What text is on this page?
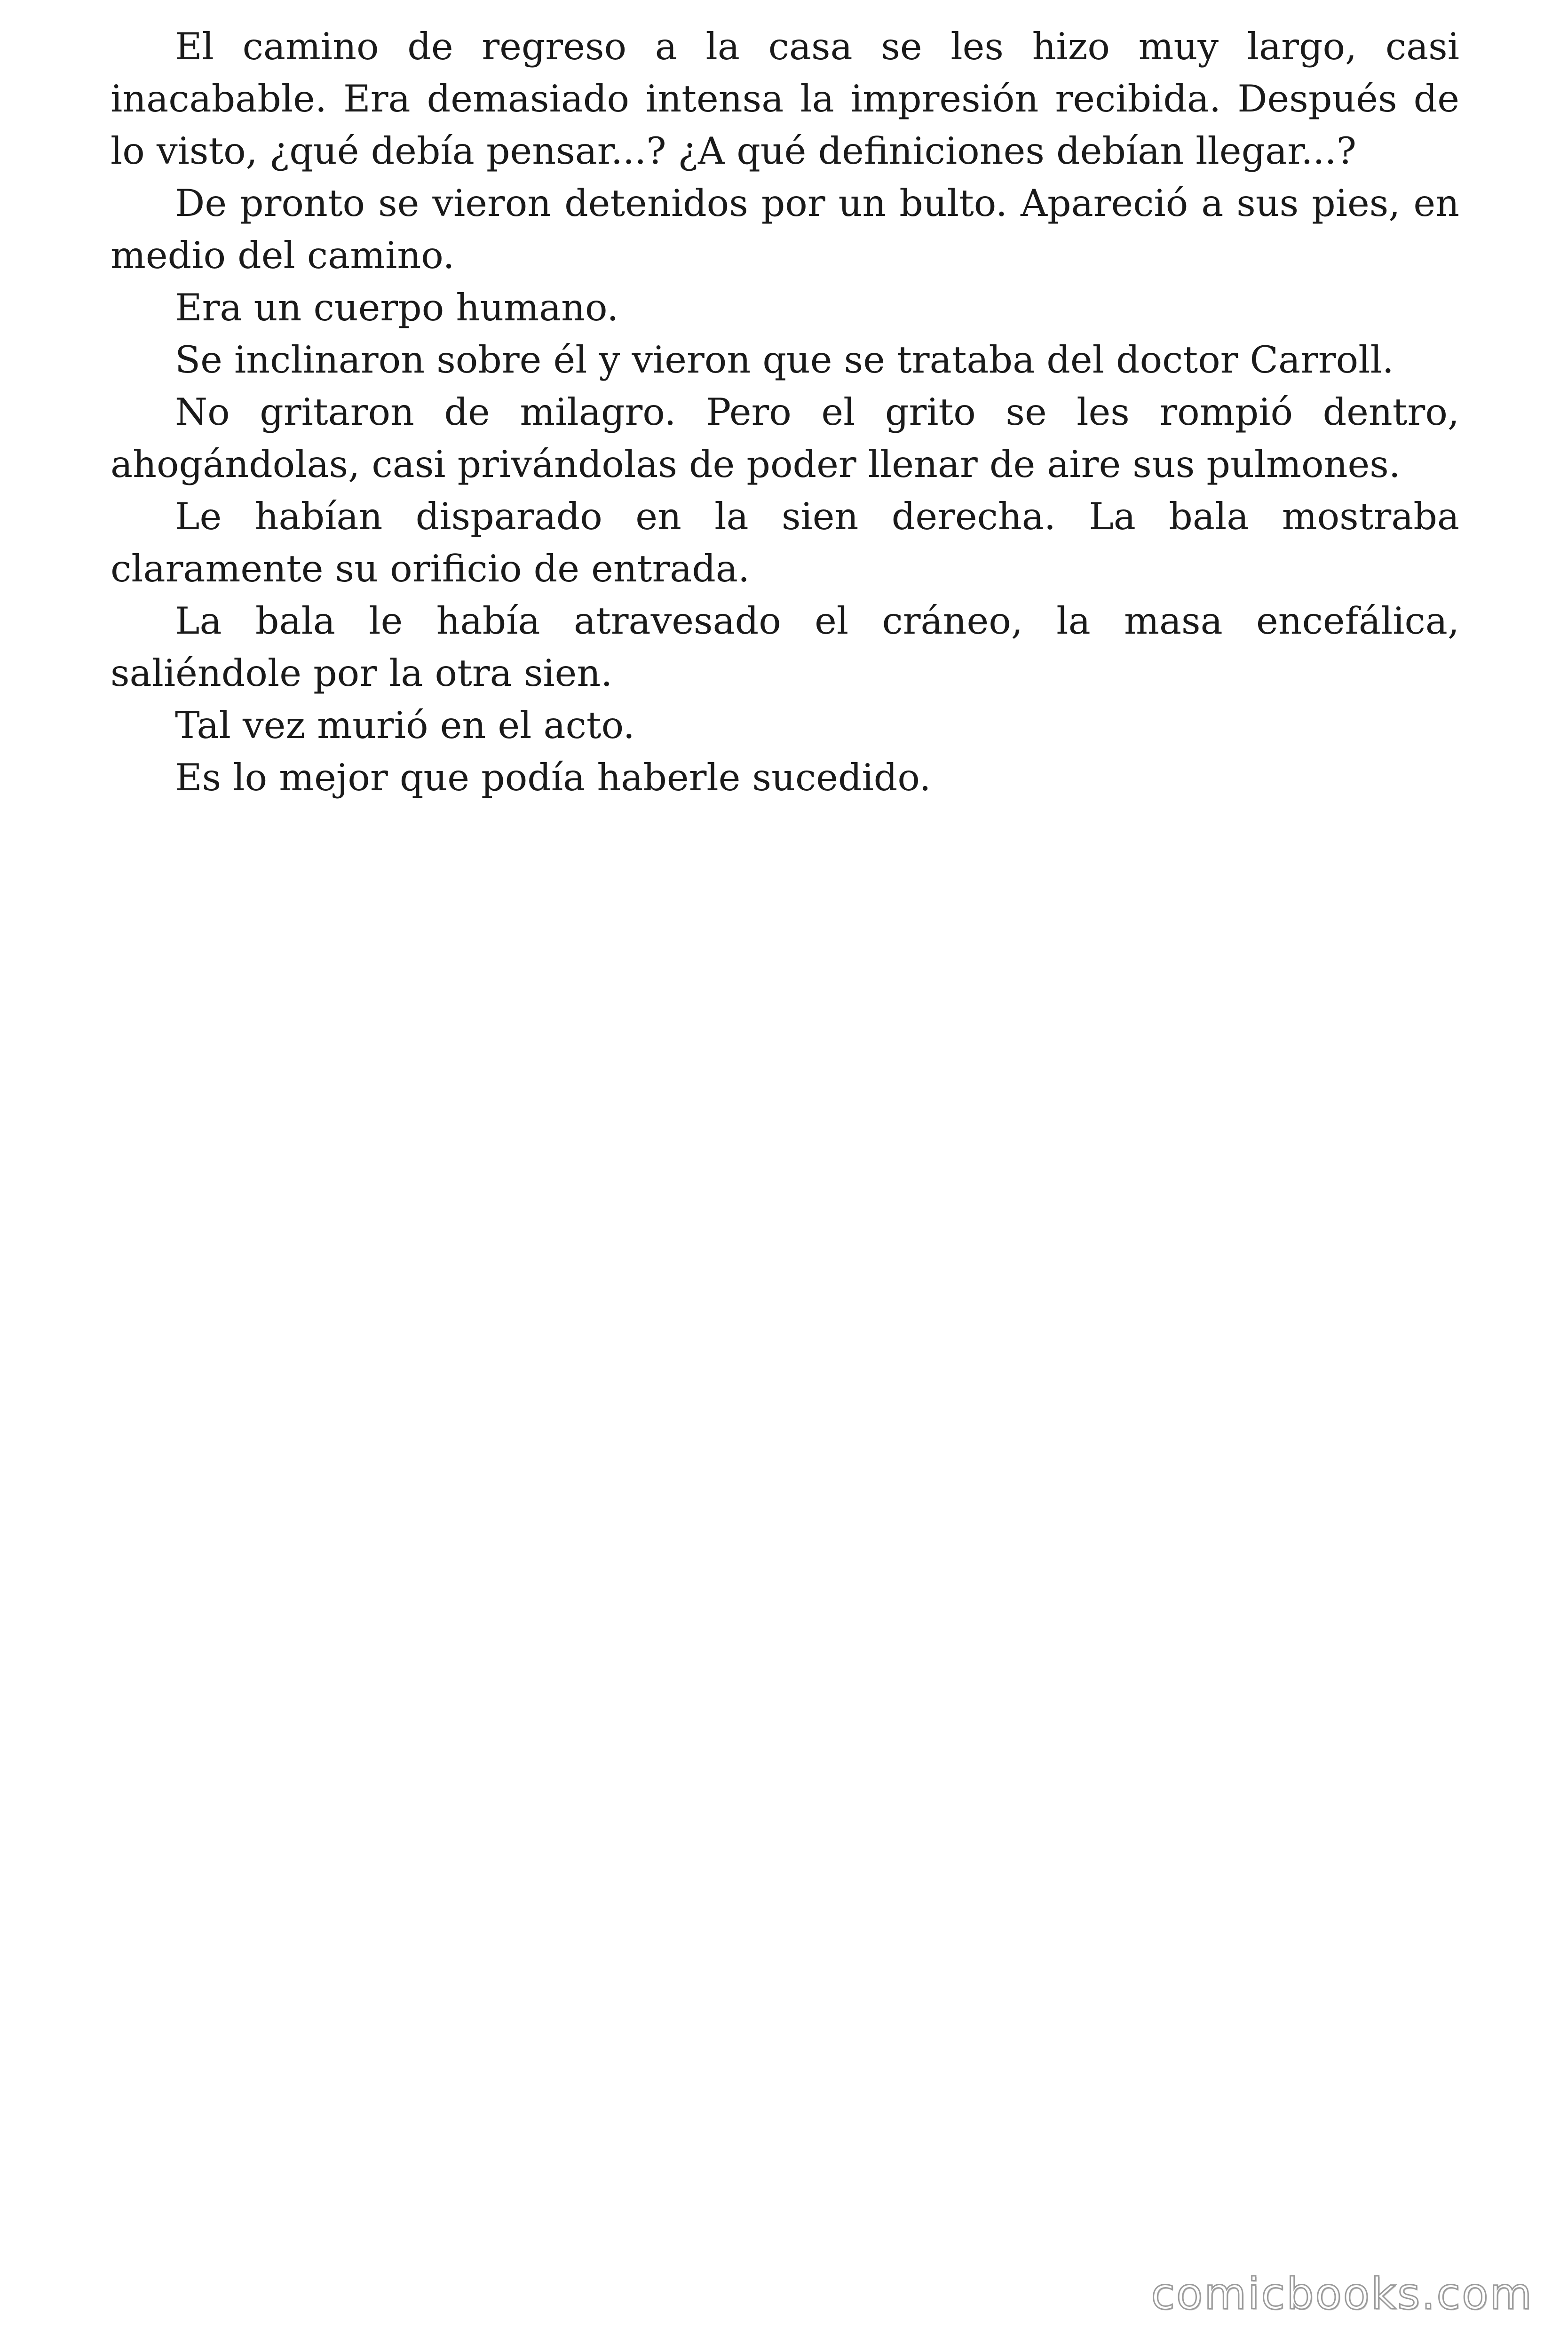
El camino de regreso a la casa se les hizo muy largo, casi inacabable. Era demasiado intensa la impresión recibida. Después de lo visto, ¿qué debía pensar...? ¿A qué definiciones debían llegar...?

De pronto se vieron detenidos por un bulto. Apareció a sus pies, en medio del camino.

Era un cuerpo humano.

Se inclinaron sobre él y vieron que se trataba del doctor Carroll.

No gritaron de milagro. Pero el grito se les rompió dentro, ahogándolas, casi privándolas de poder llenar de aire sus pulmones.

Le habían disparado en la sien derecha. La bala mostraba claramente su orificio de entrada.

La bala le había atravesado el cráneo, la masa encefálica, saliéndole por la otra sien.

Tal vez murió en el acto.

Es lo mejor que podía haberle sucedido.

comicbooks.com
